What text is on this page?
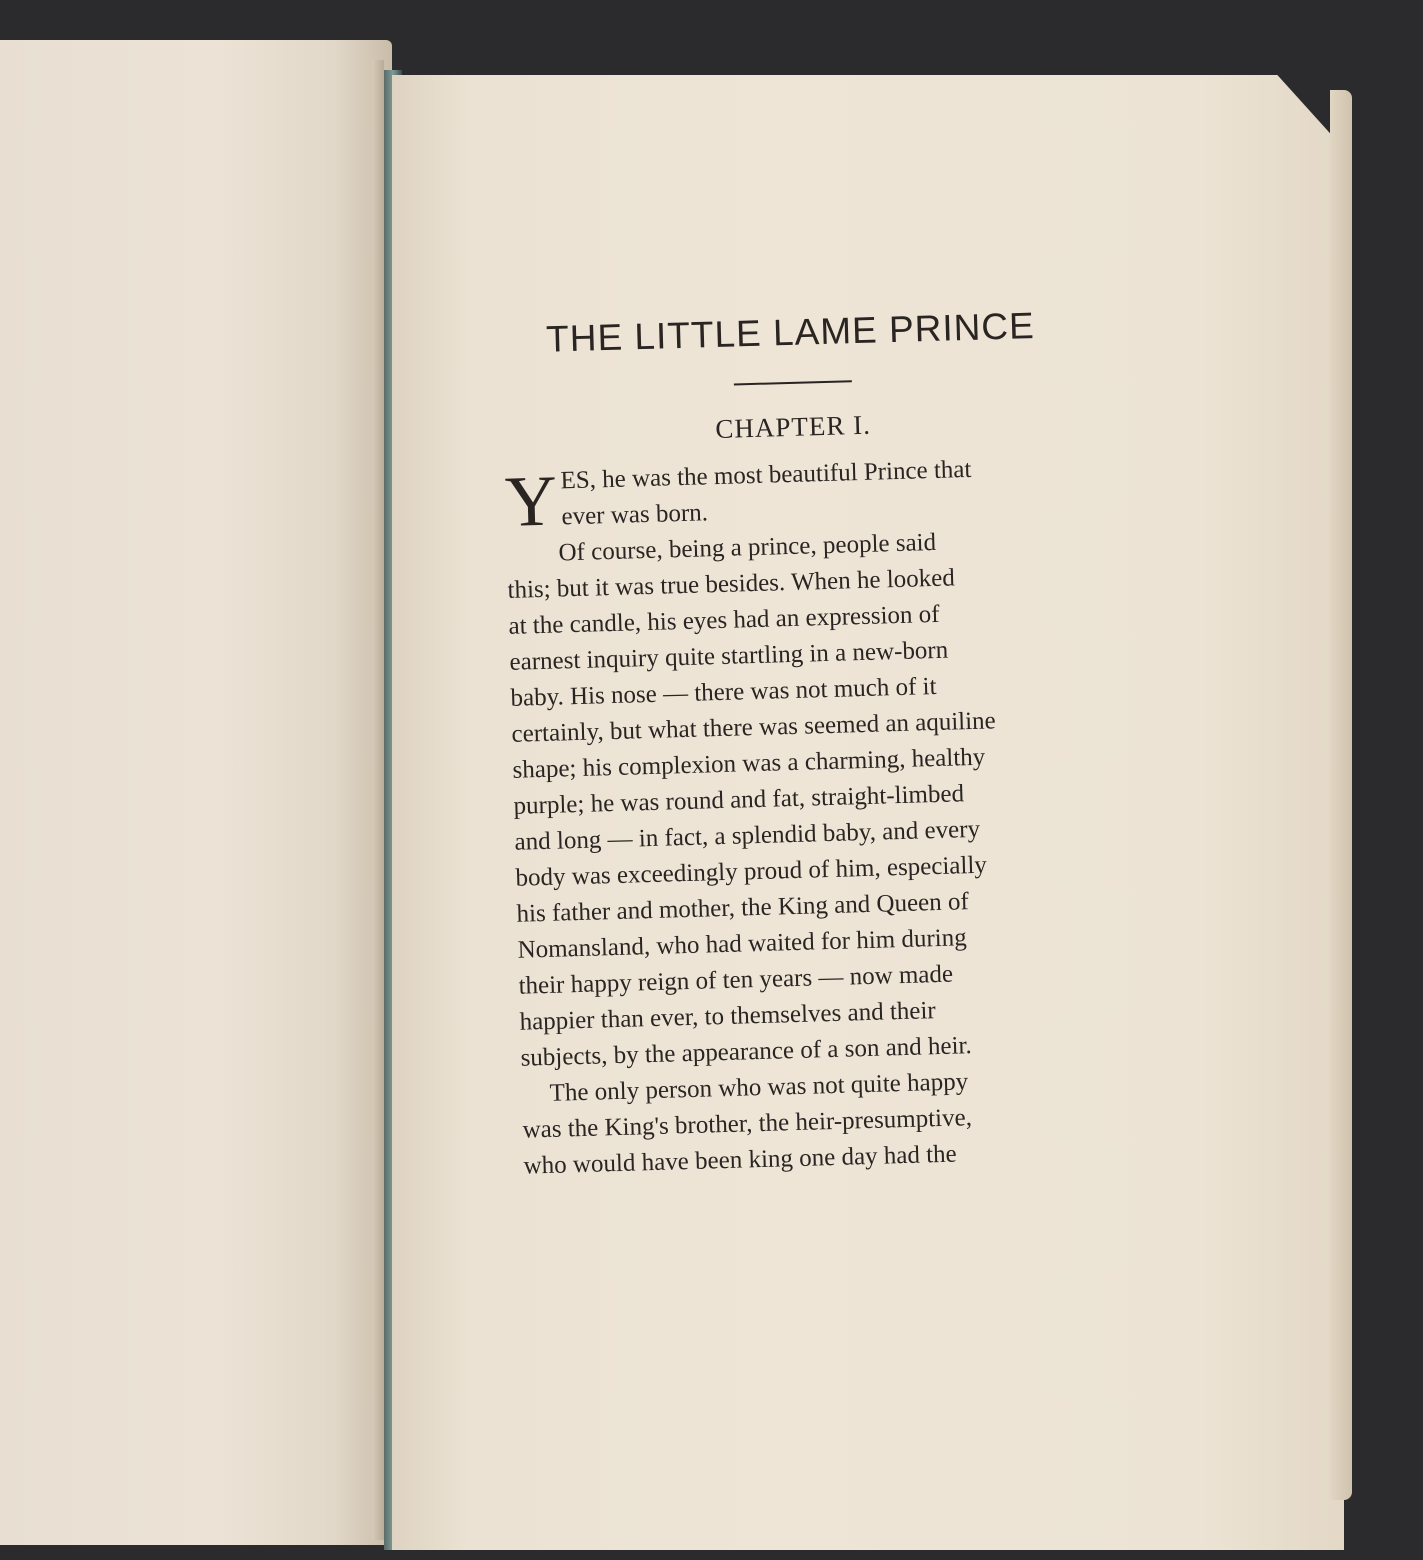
THE LITTLE LAME PRINCE
CHAPTER I.
Y ES, he was the most beautiful Prince that
ever was born.
Of course, being a prince, people said
this; but it was true besides. When he looked
at the candle, his eyes had an expression of
earnest inquiry quite startling in a new-born
baby. His nose — there was not much of it
certainly, but what there was seemed an aquiline
shape; his complexion was a charming, healthy
purple; he was round and fat, straight-limbed
and long — in fact, a splendid baby, and every
body was exceedingly proud of him, especially
his father and mother, the King and Queen of
Nomansland, who had waited for him during
their happy reign of ten years — now made
happier than ever, to themselves and their
subjects, by the appearance of a son and heir.
The only person who was not quite happy
was the King's brother, the heir-presumptive,
who would have been king one day had the
